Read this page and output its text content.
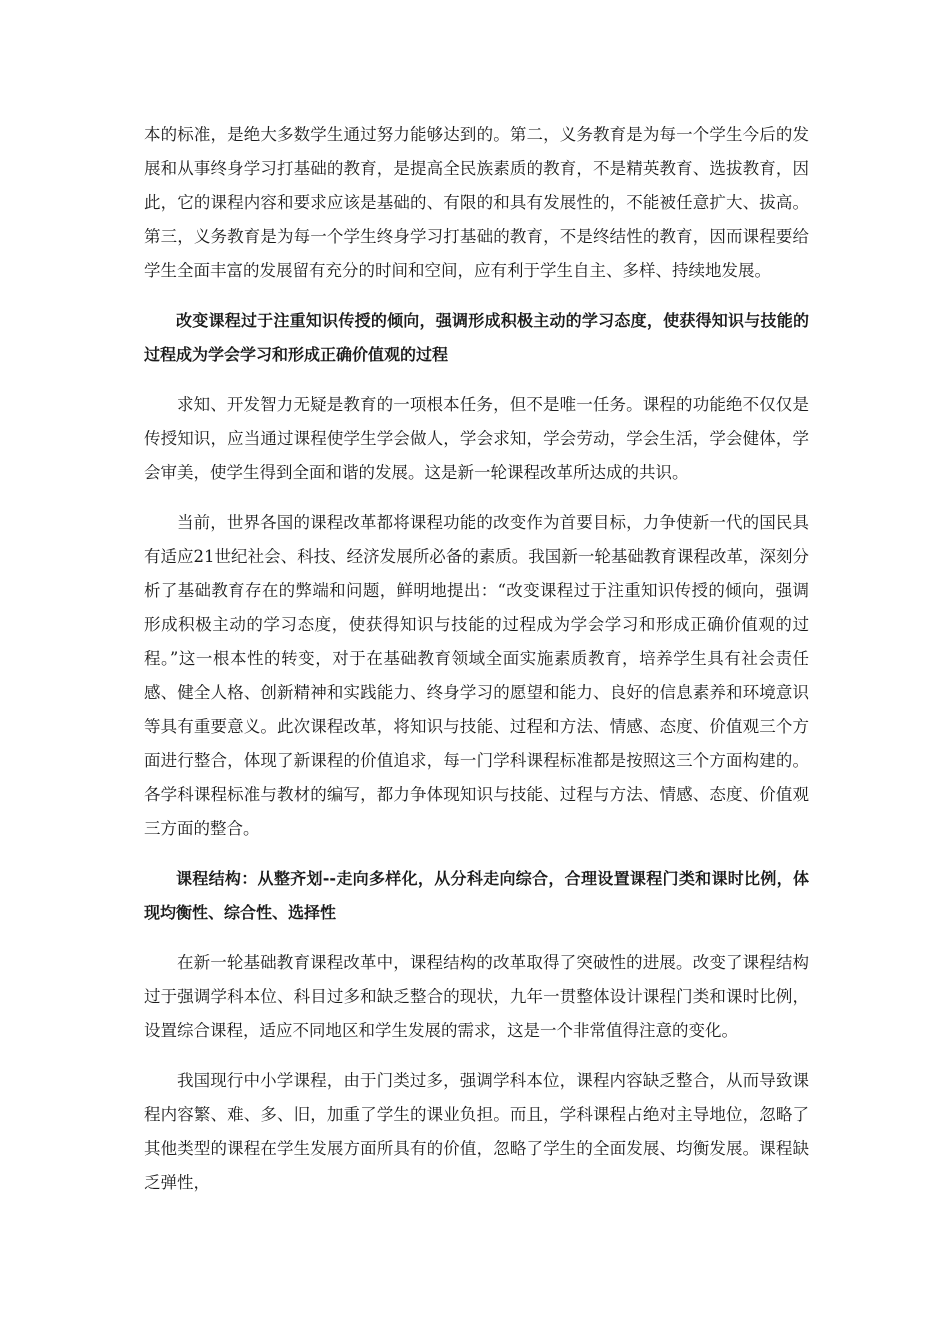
本的标准，是绝大多数学生通过努力能够达到的。第二，义务教育是为每一个学生今后的发展和从事终身学习打基础的教育，是提高全民族素质的教育，不是精英教育、选拔教育，因此，它的课程内容和要求应该是基础的、有限的和具有发展性的，不能被任意扩大、拔高。第三，义务教育是为每一个学生终身学习打基础的教育，不是终结性的教育，因而课程要给学生全面丰富的发展留有充分的时间和空间，应有利于学生自主、多样、持续地发展。

改变课程过于注重知识传授的倾向，强调形成积极主动的学习态度，使获得知识与技能的过程成为学会学习和形成正确价值观的过程

求知、开发智力无疑是教育的一项根本任务，但不是唯一任务。课程的功能绝不仅仅是传授知识，应当通过课程使学生学会做人，学会求知，学会劳动，学会生活，学会健体，学会审美，使学生得到全面和谐的发展。这是新一轮课程改革所达成的共识。

当前，世界各国的课程改革都将课程功能的改变作为首要目标，力争使新一代的国民具有适应21世纪社会、科技、经济发展所必备的素质。我国新一轮基础教育课程改革，深刻分析了基础教育存在的弊端和问题，鲜明地提出：“改变课程过于注重知识传授的倾向，强调形成积极主动的学习态度，使获得知识与技能的过程成为学会学习和形成正确价值观的过程。”这一根本性的转变，对于在基础教育领域全面实施素质教育，培养学生具有社会责任感、健全人格、创新精神和实践能力、终身学习的愿望和能力、良好的信息素养和环境意识等具有重要意义。此次课程改革，将知识与技能、过程和方法、情感、态度、价值观三个方面进行整合，体现了新课程的价值追求，每一门学科课程标准都是按照这三个方面构建的。各学科课程标准与教材的编写，都力争体现知识与技能、过程与方法、情感、态度、价值观三方面的整合。

课程结构：从整齐划--走向多样化，从分科走向综合，合理设置课程门类和课时比例，体现均衡性、综合性、选择性

在新一轮基础教育课程改革中，课程结构的改革取得了突破性的进展。改变了课程结构过于强调学科本位、科目过多和缺乏整合的现状，九年一贯整体设计课程门类和课时比例，设置综合课程，适应不同地区和学生发展的需求，这是一个非常值得注意的变化。

我国现行中小学课程，由于门类过多，强调学科本位，课程内容缺乏整合，从而导致课程内容繁、难、多、旧，加重了学生的课业负担。而且，学科课程占绝对主导地位，忽略了其他类型的课程在学生发展方面所具有的价值，忽略了学生的全面发展、均衡发展。课程缺乏弹性，
